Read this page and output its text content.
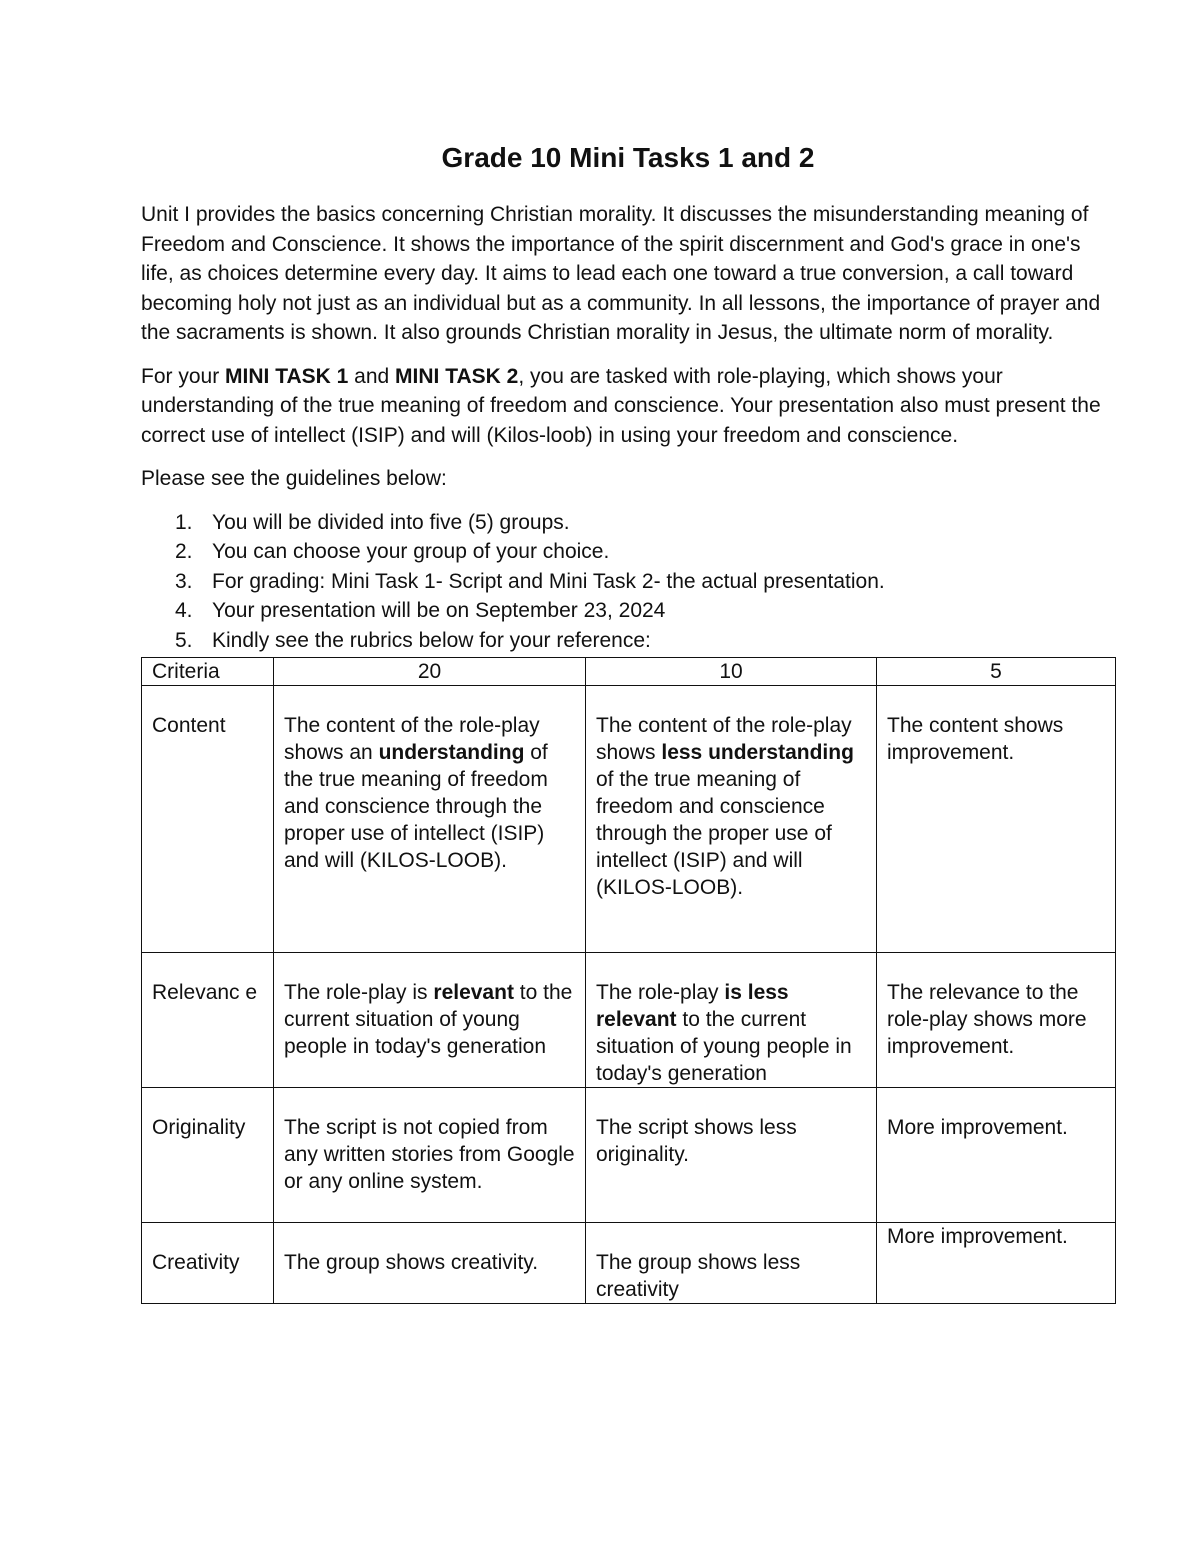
Grade 10 Mini Tasks 1 and 2

Unit I provides the basics concerning Christian morality. It discusses the misunderstanding meaning of Freedom and Conscience. It shows the importance of the spirit discernment and God's grace in one's life, as choices determine every day. It aims to lead each one toward a true conversion, a call toward becoming holy not just as an individual but as a community. In all lessons, the importance of prayer and the sacraments is shown. It also grounds Christian morality in Jesus, the ultimate norm of morality.

For your MINI TASK 1 and MINI TASK 2, you are tasked with role-playing, which shows your understanding of the true meaning of freedom and conscience. Your presentation also must present the correct use of intellect (ISIP) and will (Kilos-loob) in using your freedom and conscience.

Please see the guidelines below:

1. You will be divided into five (5) groups.
2. You can choose your group of your choice.
3. For grading: Mini Task 1- Script and Mini Task 2- the actual presentation.
4. Your presentation will be on September 23, 2024
5. Kindly see the rubrics below for your reference:
Criteria	20	10	5
Content	The content of the role-play shows an understanding of the true meaning of freedom and conscience through the proper use of intellect (ISIP) and will (KILOS-LOOB).	The content of the role-play shows less understanding of the true meaning of freedom and conscience through the proper use of intellect (ISIP) and will (KILOS-LOOB).	The content shows improvement.
Relevanc e	The role-play is relevant to the current situation of young people in today's generation	The role-play is less relevant to the current situation of young people in today's generation	The relevance to the role-play shows more improvement.
Originality	The script is not copied from any written stories from Google or any online system.	The script shows less originality.	More improvement.
Creativity	The group shows creativity.	The group shows less creativity	More improvement.
